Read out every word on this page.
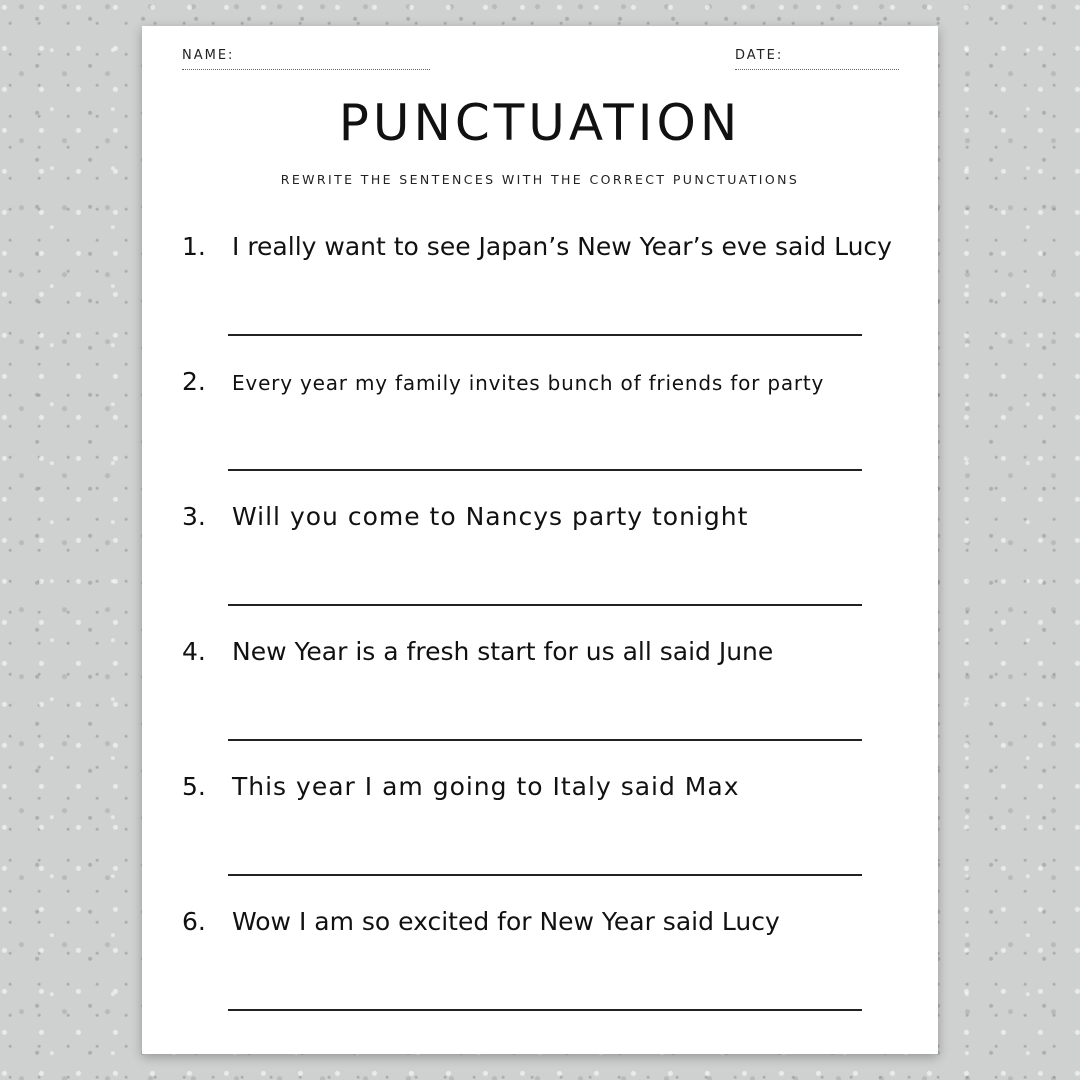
NAME:	DATE:
PUNCTUATION
REWRITE THE SENTENCES WITH THE CORRECT PUNCTUATIONS
1. I really want to see Japan’s New Year’s eve said Lucy
2. Every year my family invites bunch of friends for party
3. Will you come to Nancys party tonight
4. New Year is a fresh start for us all said June
5. This year I am going to Italy said Max
6. Wow I am so excited for New Year said Lucy
